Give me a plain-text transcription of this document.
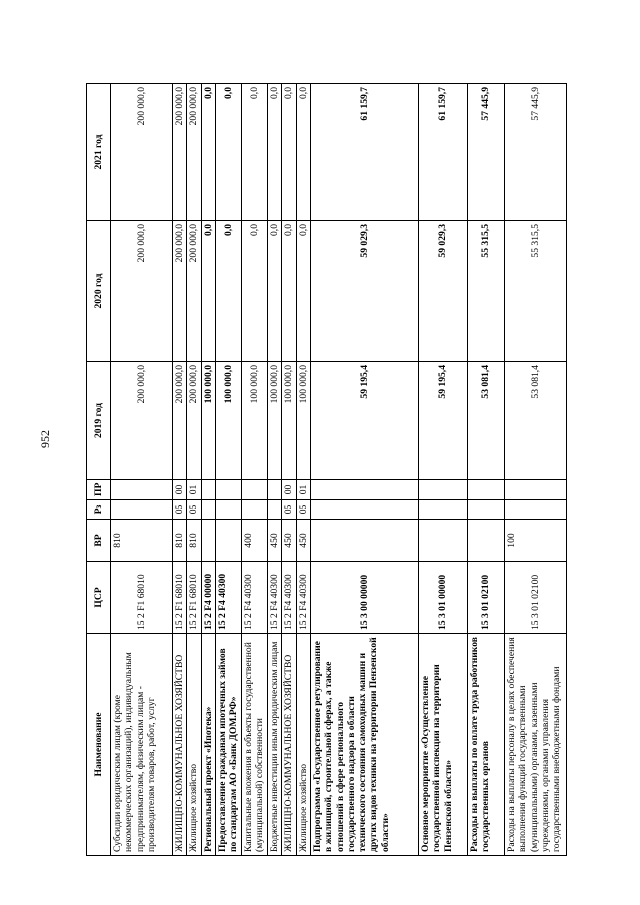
952
Наименование	ЦСР	ВР	Рз	ПР	2019 год	2020 год	2021 год
Субсидии юридическим лицам (кроме некоммерческих организаций), индивидуальным предпринимателям, физическим лицам - производителям товаров, работ, услуг	15 2 F1 68010	810			200 000,0	200 000,0	200 000,0
ЖИЛИЩНО-КОММУНАЛЬНОЕ ХОЗЯЙСТВО	15 2 F1 68010	810	05	00	200 000,0	200 000,0	200 000,0
Жилищное хозяйство	15 2 F1 68010	810	05	01	200 000,0	200 000,0	200 000,0
Региональный проект «Ипотека»	15 2 F4 00000				100 000,0	0,0	0,0
Предоставление гражданам ипотечных займов по стандартам АО «Банк ДОМ.РФ»	15 2 F4 40300				100 000,0	0,0	0,0
Капитальные вложения в объекты государственной (муниципальной) собственности	15 2 F4 40300	400			100 000,0	0,0	0,0
Бюджетные инвестиции иным юридическим лицам	15 2 F4 40300	450			100 000,0	0,0	0,0
ЖИЛИЩНО-КОММУНАЛЬНОЕ ХОЗЯЙСТВО	15 2 F4 40300	450	05	00	100 000,0	0,0	0,0
Жилищное хозяйство	15 2 F4 40300	450	05	01	100 000,0	0,0	0,0
Подпрограмма «Государственное регулирование в жилищной, строительной сферах, а также отношений в сфере регионального государственного надзора в области технического состояния самоходных машин и других видов техники на территории Пензенской области»	15 3 00 00000				59 195,4	59 029,3	61 159,7
Основное мероприятие «Осуществление государственной инспекции на территории Пензенской области»	15 3 01 00000				59 195,4	59 029,3	61 159,7
Расходы на выплаты по оплате труда работников государственных органов	15 3 01 02100				53 081,4	55 315,5	57 445,9
Расходы на выплаты персоналу в целях обеспечения выполнения функций государственными (муниципальными) органами, казенными учреждениями, органами управления государственными внебюджетными фондами	15 3 01 02100	100			53 081,4	55 315,5	57 445,9
